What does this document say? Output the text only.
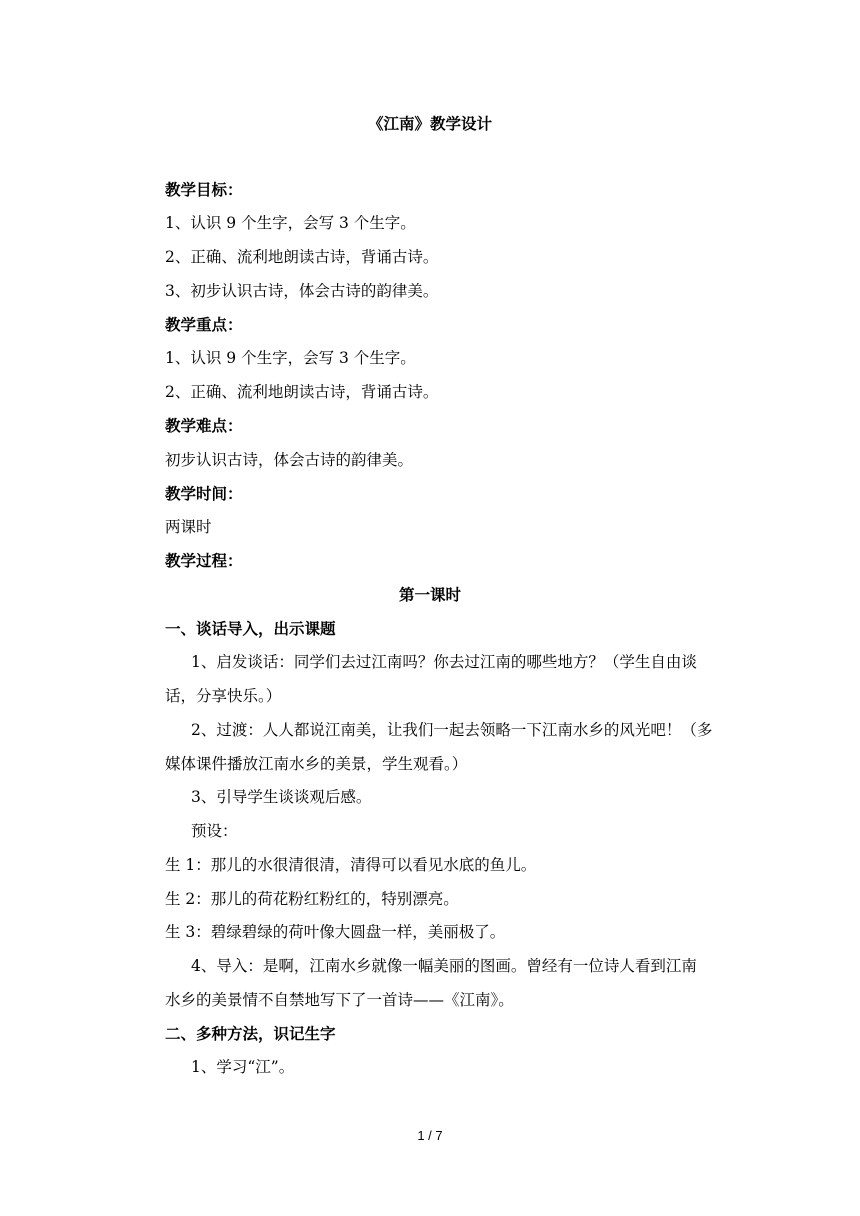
《江南》教学设计
教学目标：
1、认识 9 个生字，会写 3 个生字。
2、正确、流利地朗读古诗，背诵古诗。
3、初步认识古诗，体会古诗的韵律美。
教学重点：
1、认识 9 个生字，会写 3 个生字。
2、正确、流利地朗读古诗，背诵古诗。
教学难点：
初步认识古诗，体会古诗的韵律美。
教学时间：
两课时
教学过程：
第一课时
一、谈话导入，出示课题
1、启发谈话：同学们去过江南吗？你去过江南的哪些地方？（学生自由谈
话，分享快乐。）
2、过渡：人人都说江南美，让我们一起去领略一下江南水乡的风光吧！（多
媒体课件播放江南水乡的美景，学生观看。）
3、引导学生谈谈观后感。
预设：
生 1：那儿的水很清很清，清得可以看见水底的鱼儿。
生 2：那儿的荷花粉红粉红的，特别漂亮。
生 3：碧绿碧绿的荷叶像大圆盘一样，美丽极了。
4、导入：是啊，江南水乡就像一幅美丽的图画。曾经有一位诗人看到江南
水乡的美景情不自禁地写下了一首诗——《江南》。
二、多种方法，识记生字
1、学习“江”。
1 / 7
